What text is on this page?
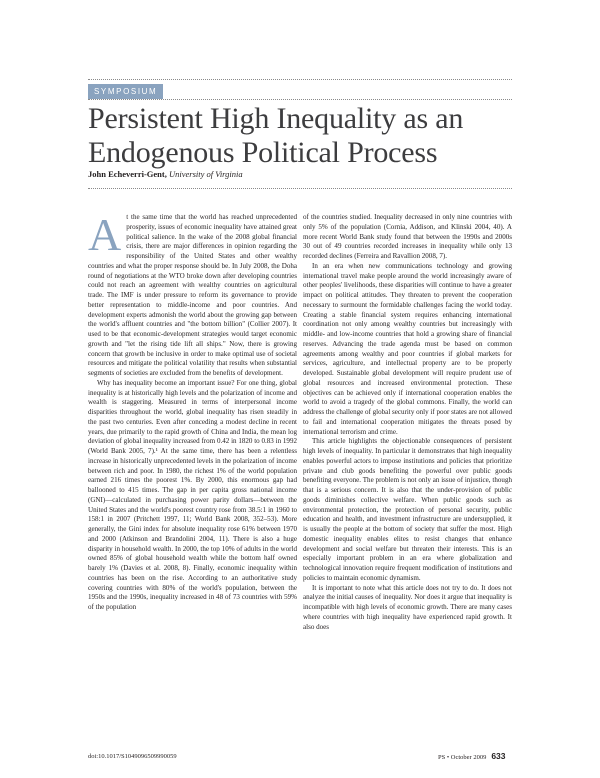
SYMPOSIUM
Persistent High Inequality as an
Endogenous Political Process
John Echeverri-Gent, University of Virginia

At the same time that the world has reached unprecedented prosperity, issues of economic inequality have attained great political salience. In the wake of the 2008 global financial crisis, there are major differences in opinion regarding the responsibility of the United States and other wealthy countries and what the proper response should be. In July 2008, the Doha round of negotiations at the WTO broke down after developing countries could not reach an agreement with wealthy countries on agricultural trade. The IMF is under pressure to reform its governance to provide better representation to middle-income and poor countries. And development experts admonish the world about the growing gap between the world's affluent countries and "the bottom billion" (Collier 2007). It used to be that economic-development strategies would target economic growth and "let the rising tide lift all ships." Now, there is growing concern that growth be inclusive in order to make optimal use of societal resources and mitigate the political volatility that results when substantial segments of societies are excluded from the benefits of development.

Why has inequality become an important issue? For one thing, global inequality is at historically high levels and the polarization of income and wealth is staggering. Measured in terms of interpersonal income disparities throughout the world, global inequality has risen steadily in the past two centuries. Even after conceding a modest decline in recent years, due primarily to the rapid growth of China and India, the mean log deviation of global inequality increased from 0.42 in 1820 to 0.83 in 1992 (World Bank 2005, 7).¹ At the same time, there has been a relentless increase in historically unprecedented levels in the polarization of income between rich and poor. In 1980, the richest 1% of the world population earned 216 times the poorest 1%. By 2000, this enormous gap had ballooned to 415 times. The gap in per capita gross national income (GNI)—calculated in purchasing power parity dollars—between the United States and the world's poorest country rose from 38.5:1 in 1960 to 158:1 in 2007 (Pritchett 1997, 11; World Bank 2008, 352–53). More generally, the Gini index for absolute inequality rose 61% between 1970 and 2000 (Atkinson and Brandolini 2004, 11). There is also a huge disparity in household wealth. In 2000, the top 10% of adults in the world owned 85% of global household wealth while the bottom half owned barely 1% (Davies et al. 2008, 8). Finally, economic inequality within countries has been on the rise. According to an authoritative study covering countries with 80% of the world's population, between the 1950s and the 1990s, inequality increased in 48 of 73 countries with 59% of the population

of the countries studied. Inequality decreased in only nine countries with only 5% of the population (Cornia, Addison, and Klinski 2004, 40). A more recent World Bank study found that between the 1990s and 2000s 30 out of 49 countries recorded increases in inequality while only 13 recorded declines (Ferreira and Ravallion 2008, 7).

In an era when new communications technology and growing international travel make people around the world increasingly aware of other peoples' livelihoods, these disparities will continue to have a greater impact on political attitudes. They threaten to prevent the cooperation necessary to surmount the formidable challenges facing the world today. Creating a stable financial system requires enhancing international coordination not only among wealthy countries but increasingly with middle- and low-income countries that hold a growing share of financial reserves. Advancing the trade agenda must be based on common agreements among wealthy and poor countries if global markets for services, agriculture, and intellectual property are to be properly developed. Sustainable global development will require prudent use of global resources and increased environmental protection. These objectives can be achieved only if international cooperation enables the world to avoid a tragedy of the global commons. Finally, the world can address the challenge of global security only if poor states are not allowed to fail and international cooperation mitigates the threats posed by international terrorism and crime.

This article highlights the objectionable consequences of persistent high levels of inequality. In particular it demonstrates that high inequality enables powerful actors to impose institutions and policies that prioritize private and club goods benefiting the powerful over public goods benefiting everyone. The problem is not only an issue of injustice, though that is a serious concern. It is also that the under-provision of public goods diminishes collective welfare. When public goods such as environmental protection, the protection of personal security, public education and health, and investment infrastructure are undersupplied, it is usually the people at the bottom of society that suffer the most. High domestic inequality enables elites to resist changes that enhance development and social welfare but threaten their interests. This is an especially important problem in an era where globalization and technological innovation require frequent modification of institutions and policies to maintain economic dynamism.

It is important to note what this article does not try to do. It does not analyze the initial causes of inequality. Nor does it argue that inequality is incompatible with high levels of economic growth. There are many cases where countries with high inequality have experienced rapid growth. It also does

doi:10.1017/S1049096509990059	PS • October 2009 633
